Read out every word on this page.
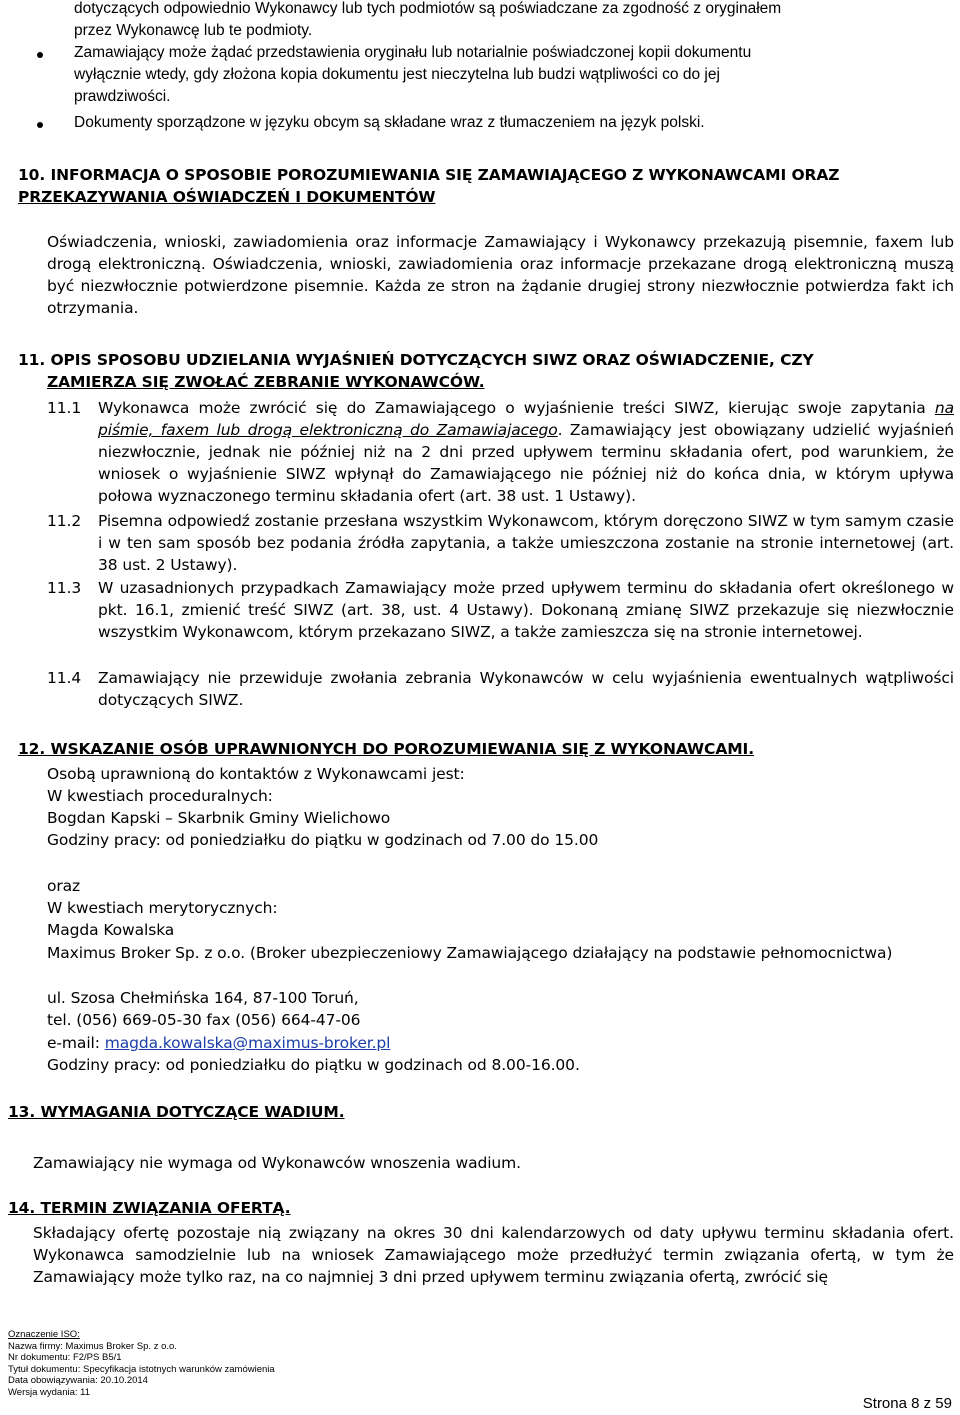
dotyczących odpowiednio Wykonawcy lub tych podmiotów są poświadczane za zgodność z oryginałem
przez Wykonawcę lub te podmioty.
Zamawiający może żądać przedstawienia oryginału lub notarialnie poświadczonej kopii dokumentu
wyłącznie wtedy, gdy złożona kopia dokumentu jest nieczytelna lub budzi wątpliwości co do jej
prawdziwości.
Dokumenty sporządzone w języku obcym są składane wraz z tłumaczeniem na język polski.
10. INFORMACJA O SPOSOBIE POROZUMIEWANIA SIĘ ZAMAWIAJĄCEGO Z WYKONAWCAMI ORAZ
PRZEKAZYWANIA OŚWIADCZEŃ I DOKUMENTÓW
Oświadczenia, wnioski, zawiadomienia oraz informacje Zamawiający i Wykonawcy przekazują pisemnie, faxem lub drogą elektroniczną. Oświadczenia, wnioski, zawiadomienia oraz informacje przekazane drogą elektroniczną muszą być niezwłocznie potwierdzone pisemnie. Każda ze stron na żądanie drugiej strony niezwłocznie potwierdza fakt ich otrzymania.
11. OPIS SPOSOBU UDZIELANIA WYJAŚNIEŃ DOTYCZĄCYCH SIWZ ORAZ OŚWIADCZENIE, CZY
ZAMIERZA SIĘ ZWOŁAĆ ZEBRANIE WYKONAWCÓW.
11.1 Wykonawca może zwrócić się do Zamawiającego o wyjaśnienie treści SIWZ, kierując swoje zapytania na piśmie, faxem lub drogą elektroniczną do Zamawiajacego. Zamawiający jest obowiązany udzielić wyjaśnień niezwłocznie, jednak nie później niż na 2 dni przed upływem terminu składania ofert, pod warunkiem, że wniosek o wyjaśnienie SIWZ wpłynął do Zamawiającego nie później niż do końca dnia, w którym upływa połowa wyznaczonego terminu składania ofert (art. 38 ust. 1 Ustawy).
11.2 Pisemna odpowiedź zostanie przesłana wszystkim Wykonawcom, którym doręczono SIWZ w tym samym czasie i w ten sam sposób bez podania źródła zapytania, a także umieszczona zostanie na stronie internetowej (art. 38 ust. 2 Ustawy).
11.3 W uzasadnionych przypadkach Zamawiający może przed upływem terminu do składania ofert określonego w pkt. 16.1, zmienić treść SIWZ (art. 38, ust. 4 Ustawy). Dokonaną zmianę SIWZ przekazuje się niezwłocznie wszystkim Wykonawcom, którym przekazano SIWZ, a także zamieszcza się na stronie internetowej.
11.4 Zamawiający nie przewiduje zwołania zebrania Wykonawców w celu wyjaśnienia ewentualnych wątpliwości dotyczących SIWZ.
12. WSKAZANIE OSÓB UPRAWNIONYCH DO POROZUMIEWANIA SIĘ Z WYKONAWCAMI.
Osobą uprawnioną do kontaktów z Wykonawcami jest:
W kwestiach proceduralnych:
Bogdan Kapski – Skarbnik Gminy Wielichowo
Godziny pracy: od poniedziałku do piątku w godzinach od 7.00 do 15.00
oraz
W kwestiach merytorycznych:
Magda Kowalska
Maximus Broker Sp. z o.o. (Broker ubezpieczeniowy Zamawiającego działający na podstawie pełnomocnictwa)
ul. Szosa Chełmińska 164, 87-100 Toruń,
tel. (056) 669-05-30 fax (056) 664-47-06
e-mail: magda.kowalska@maximus-broker.pl
Godziny pracy: od poniedziałku do piątku w godzinach od 8.00-16.00.
13. WYMAGANIA DOTYCZĄCE WADIUM.
Zamawiający nie wymaga od Wykonawców wnoszenia wadium.
14. TERMIN ZWIĄZANIA OFERTĄ.
Składający ofertę pozostaje nią związany na okres 30 dni kalendarzowych od daty upływu terminu składania ofert. Wykonawca samodzielnie lub na wniosek Zamawiającego może przedłużyć termin związania ofertą, w tym że Zamawiający może tylko raz, na co najmniej 3 dni przed upływem terminu związania ofertą, zwrócić się
Oznaczenie ISO:
Nazwa firmy: Maximus Broker Sp. z o.o.
Nr dokumentu: F2/PS B5/1
Tytuł dokumentu: Specyfikacja istotnych warunków zamówienia
Data obowiązywania: 20.10.2014
Wersja wydania: 11
Strona 8 z 59
